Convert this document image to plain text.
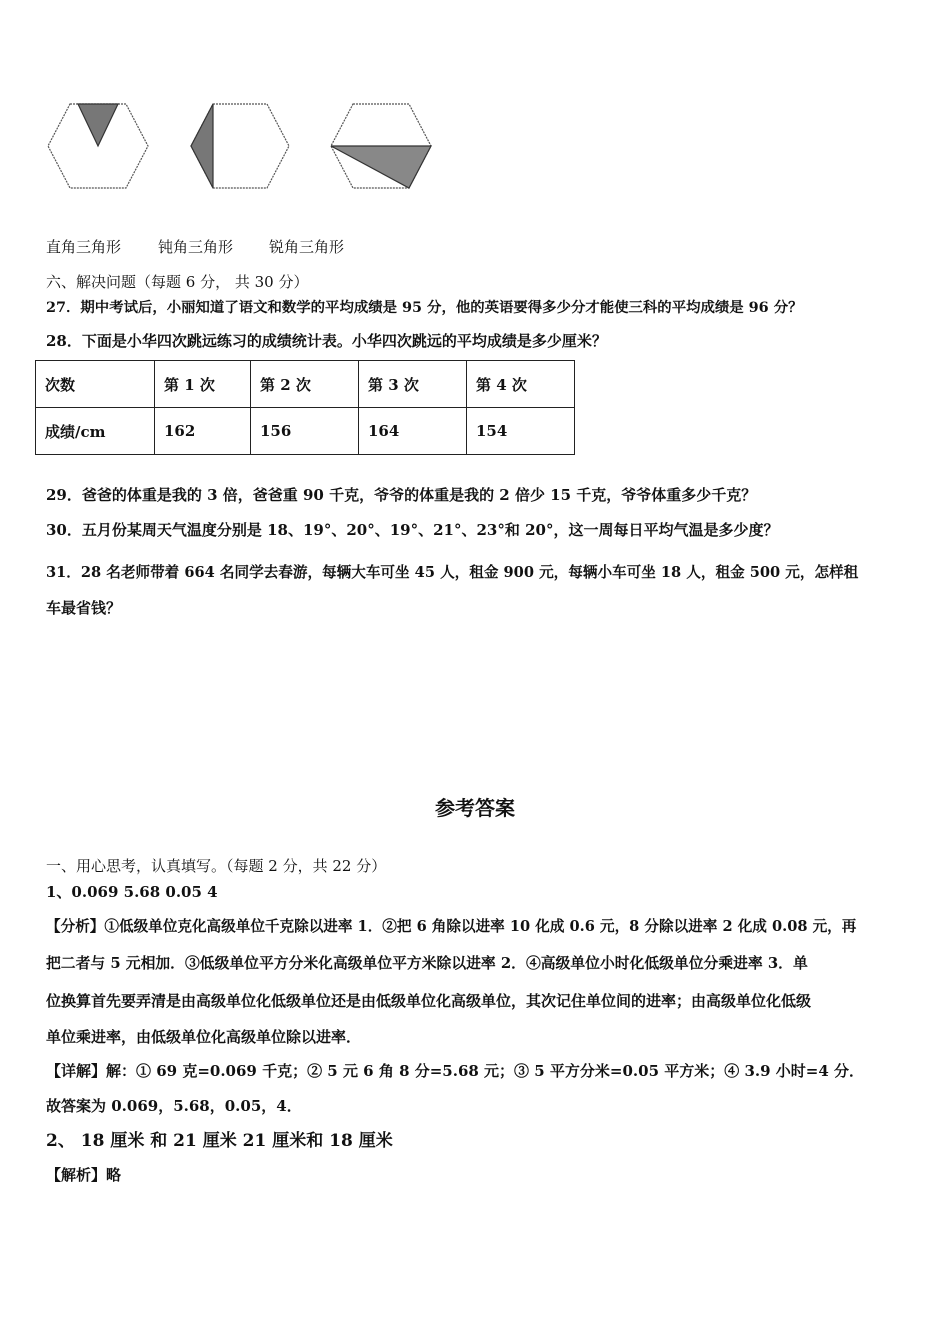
直角三角形 钝角三角形 锐角三角形
六、解决问题（每题 6 分， 共 30 分）
27．期中考试后，小丽知道了语文和数学的平均成绩是 95 分，他的英语要得多少分才能使三科的平均成绩是 96 分？
28．下面是小华四次跳远练习的成绩统计表。小华四次跳远的平均成绩是多少厘米？
次数	第 1 次	第 2 次	第 3 次	第 4 次
成绩/cm	162	156	164	154
29．爸爸的体重是我的 3 倍，爸爸重 90 千克，爷爷的体重是我的 2 倍少 15 千克，爷爷体重多少千克？
30．五月份某周天气温度分别是 18、19°、20°、19°、21°、23°和 20°，这一周每日平均气温是多少度？
31．28 名老师带着 664 名同学去春游，每辆大车可坐 45 人，租金 900 元，每辆小车可坐 18 人，租金 500 元，怎样租
车最省钱？
参考答案
一、用心思考，认真填写。（每题 2 分，共 22 分）
1、0.069 5.68 0.05 4
【分析】①低级单位克化高级单位千克除以进率 1．②把 6 角除以进率 10 化成 0.6 元，8 分除以进率 2 化成 0.08 元，再
把二者与 5 元相加．③低级单位平方分米化高级单位平方米除以进率 2．④高级单位小时化低级单位分乘进率 3．单
位换算首先要弄清是由高级单位化低级单位还是由低级单位化高级单位，其次记住单位间的进率；由高级单位化低级
单位乘进率，由低级单位化高级单位除以进率．
【详解】解：① 69 克=0.069 千克；② 5 元 6 角 8 分=5.68 元；③ 5 平方分米=0.05 平方米；④ 3.9 小时=4 分．
故答案为 0.069，5.68，0.05，4．
2、 18 厘米 和 21 厘米 21 厘米和 18 厘米
【解析】略
